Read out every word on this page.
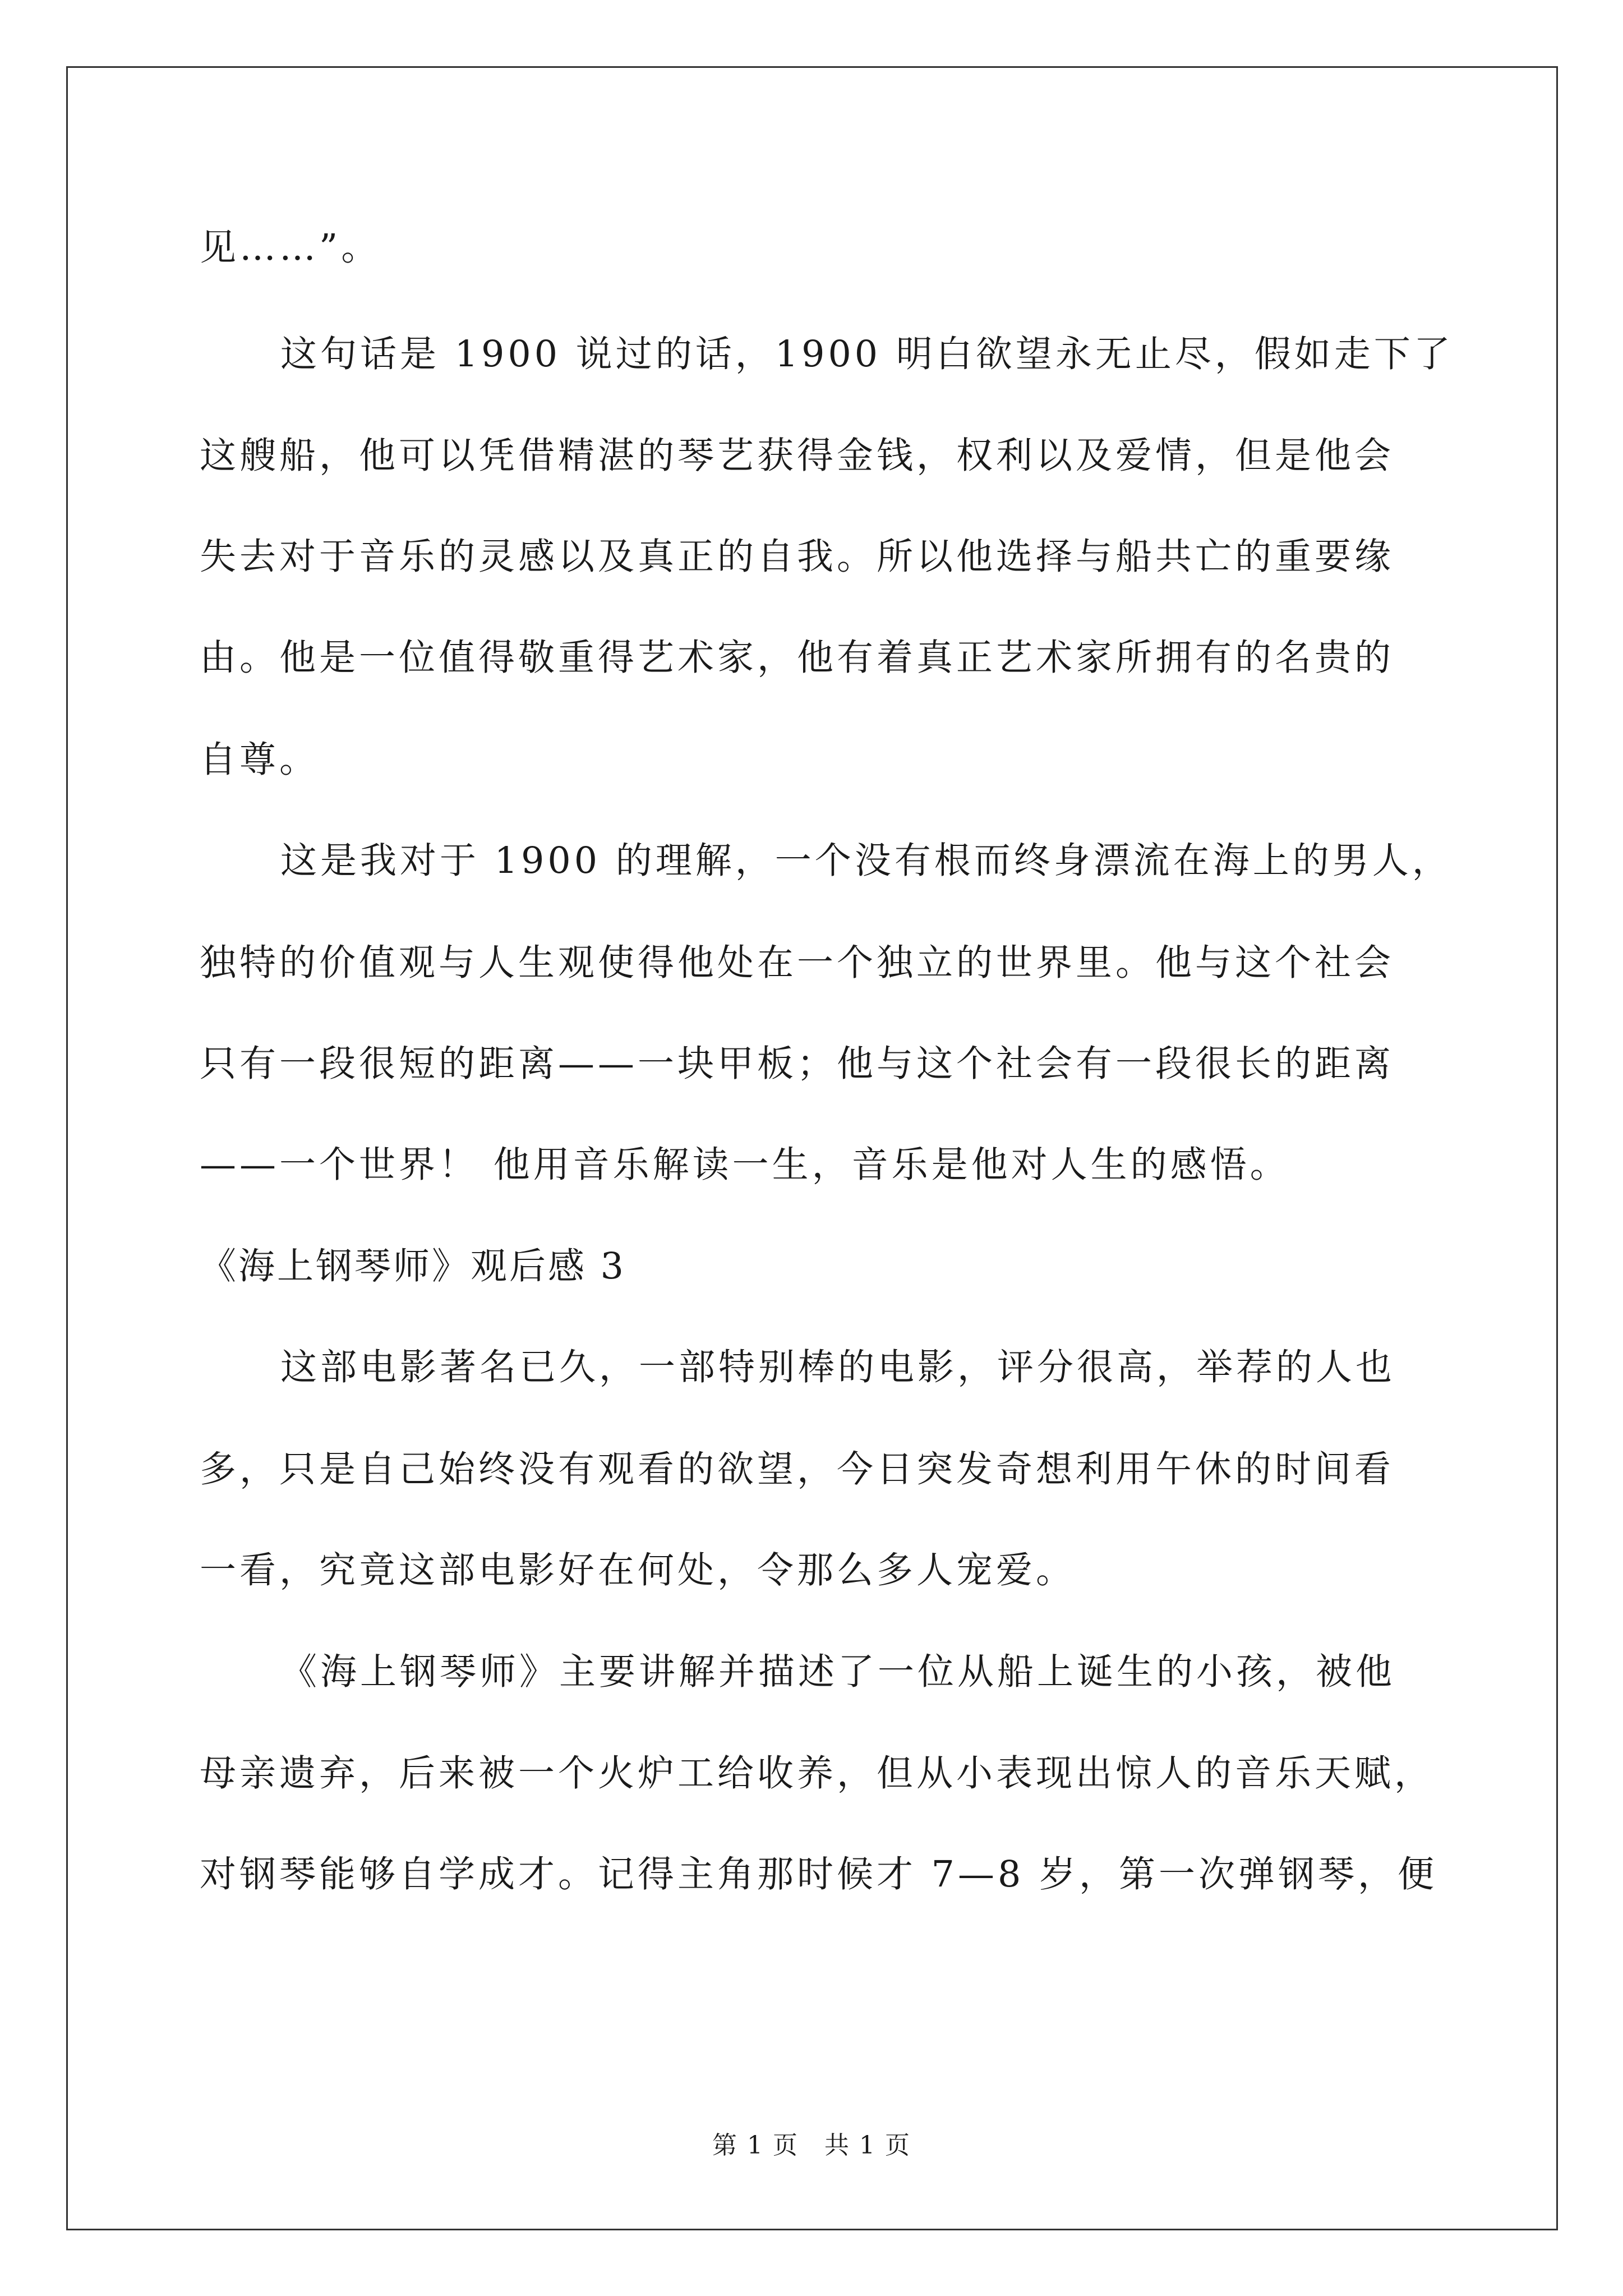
见……”。
这句话是 1900 说过的话，1900 明白欲望永无止尽，假如走下了
这艘船，他可以凭借精湛的琴艺获得金钱，权利以及爱情，但是他会
失去对于音乐的灵感以及真正的自我。所以他选择与船共亡的重要缘
由。他是一位值得敬重得艺术家，他有着真正艺术家所拥有的名贵的
自尊。
这是我对于 1900 的理解，一个没有根而终身漂流在海上的男人，
独特的价值观与人生观使得他处在一个独立的世界里。他与这个社会
只有一段很短的距离——一块甲板；他与这个社会有一段很长的距离
——一个世界！ 他用音乐解读一生，音乐是他对人生的感悟。
《海上钢琴师》观后感 3
这部电影著名已久，一部特别棒的电影，评分很高，举荐的人也
多，只是自己始终没有观看的欲望，今日突发奇想利用午休的时间看
一看，究竟这部电影好在何处，令那么多人宠爱。
《海上钢琴师》主要讲解并描述了一位从船上诞生的小孩，被他
母亲遗弃，后来被一个火炉工给收养，但从小表现出惊人的音乐天赋，
对钢琴能够自学成才。记得主角那时候才 7—8 岁，第一次弹钢琴，便
第 1 页　共 1 页
